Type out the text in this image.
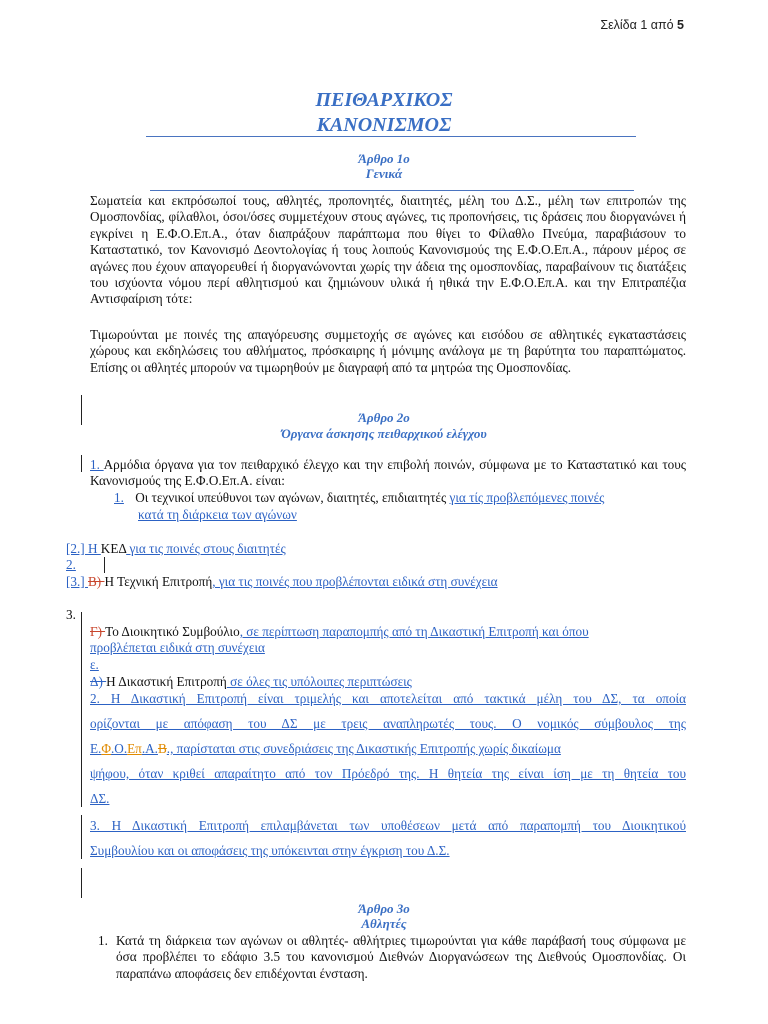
Σελίδα 1 από 5
ΠΕΙΘΑΡΧΙΚΟΣ
ΚΑΝΟΝΙΣΜΟΣ
Άρθρο 1ο
Γενικά
Σωματεία και εκπρόσωποί τους, αθλητές, προπονητές, διαιτητές, μέλη του Δ.Σ., μέλη των επιτροπών της Ομοσπονδίας, φίλαθλοι, όσοι/όσες συμμετέχουν στους αγώνες, τις προπονήσεις, τις δράσεις που διοργανώνει ή εγκρίνει η Ε.Φ.Ο.Επ.Α., όταν διαπράξουν παράπτωμα που θίγει το Φίλαθλο Πνεύμα, παραβιάσουν το Καταστατικό, τον Κανονισμό Δεοντολογίας ή τους λοιπούς Κανονισμούς της Ε.Φ.Ο.Επ.Α., πάρουν μέρος σε αγώνες που έχουν απαγορευθεί ή διοργανώνονται χωρίς την άδεια της ομοσπονδίας, παραβαίνουν τις διατάξεις του ισχύοντα νόμου περί αθλητισμού και ζημιώνουν υλικά ή ηθικά την Ε.Φ.Ο.Επ.Α. και την Επιτραπέζια Αντισφαίριση τότε:
Τιμωρούνται με ποινές της απαγόρευσης συμμετοχής σε αγώνες και εισόδου σε αθλητικές εγκαταστάσεις χώρους και εκδηλώσεις του αθλήματος, πρόσκαιρης ή μόνιμης ανάλογα με τη βαρύτητα του παραπτώματος. Επίσης οι αθλητές μπορούν να τιμωρηθούν με διαγραφή από τα μητρώα της Ομοσπονδίας.
Άρθρο 2ο
Όργανα άσκησης πειθαρχικού ελέγχου
1. Αρμόδια όργανα για τον πειθαρχικό έλεγχο και την επιβολή ποινών, σύμφωνα με το Καταστατικό και τους Κανονισμούς της Ε.Φ.Ο.Επ.Α. είναι:
1. Οι τεχνικοί υπεύθυνοι των αγώνων, διαιτητές, επιδιαιτητές για τίς προβλεπόμενες ποινές
κατά τη διάρκεια των αγώνων
[2.] Η ΚΕΔ για τις ποινές στους διαιτητές
2.
[3.] Β) Η Τεχνική Επιτροπή, για τις ποινές που προβλέπονται ειδικά στη συνέχεια
3.
Γ) Το Διοικητικό Συμβούλιο, σε περίπτωση παραπομπής από τη Δικαστική Επιτροπή και όπου
προβλέπεται ειδικά στη συνέχεια
ε.
Δ) Η Δικαστική Επιτροπή σε όλες τις υπόλοιπες περιπτώσεις
2. Η Δικαστική Επιτροπή είναι τριμελής και αποτελείται από τακτικά μέλη του ΔΣ, τα οποία
ορίζονται με απόφαση του ΔΣ με τρεις αναπληρωτές τους. Ο νομικός σύμβουλος της
Ε.Φ.Ο.Επ.Α.Β., παρίσταται στις συνεδριάσεις της Δικαστικής Επιτροπής χωρίς δικαίωμα
ψήφου, όταν κριθεί απαραίτητο από τον Πρόεδρό της. Η θητεία της είναι ίση με τη θητεία του
ΔΣ.
3. Η Δικαστική Επιτροπή επιλαμβάνεται των υποθέσεων μετά από παραπομπή του Διοικητικού
Συμβουλίου και οι αποφάσεις της υπόκεινται στην έγκριση του Δ.Σ.
Άρθρο 3ο
Αθλητές
1. Κατά τη διάρκεια των αγώνων οι αθλητές- αθλήτριες τιμωρούνται για κάθε παράβασή τους σύμφωνα με όσα προβλέπει το εδάφιο 3.5 του κανονισμού Διεθνών Διοργανώσεων της Διεθνούς Ομοσπονδίας. Οι παραπάνω αποφάσεις δεν επιδέχονται ένσταση.
